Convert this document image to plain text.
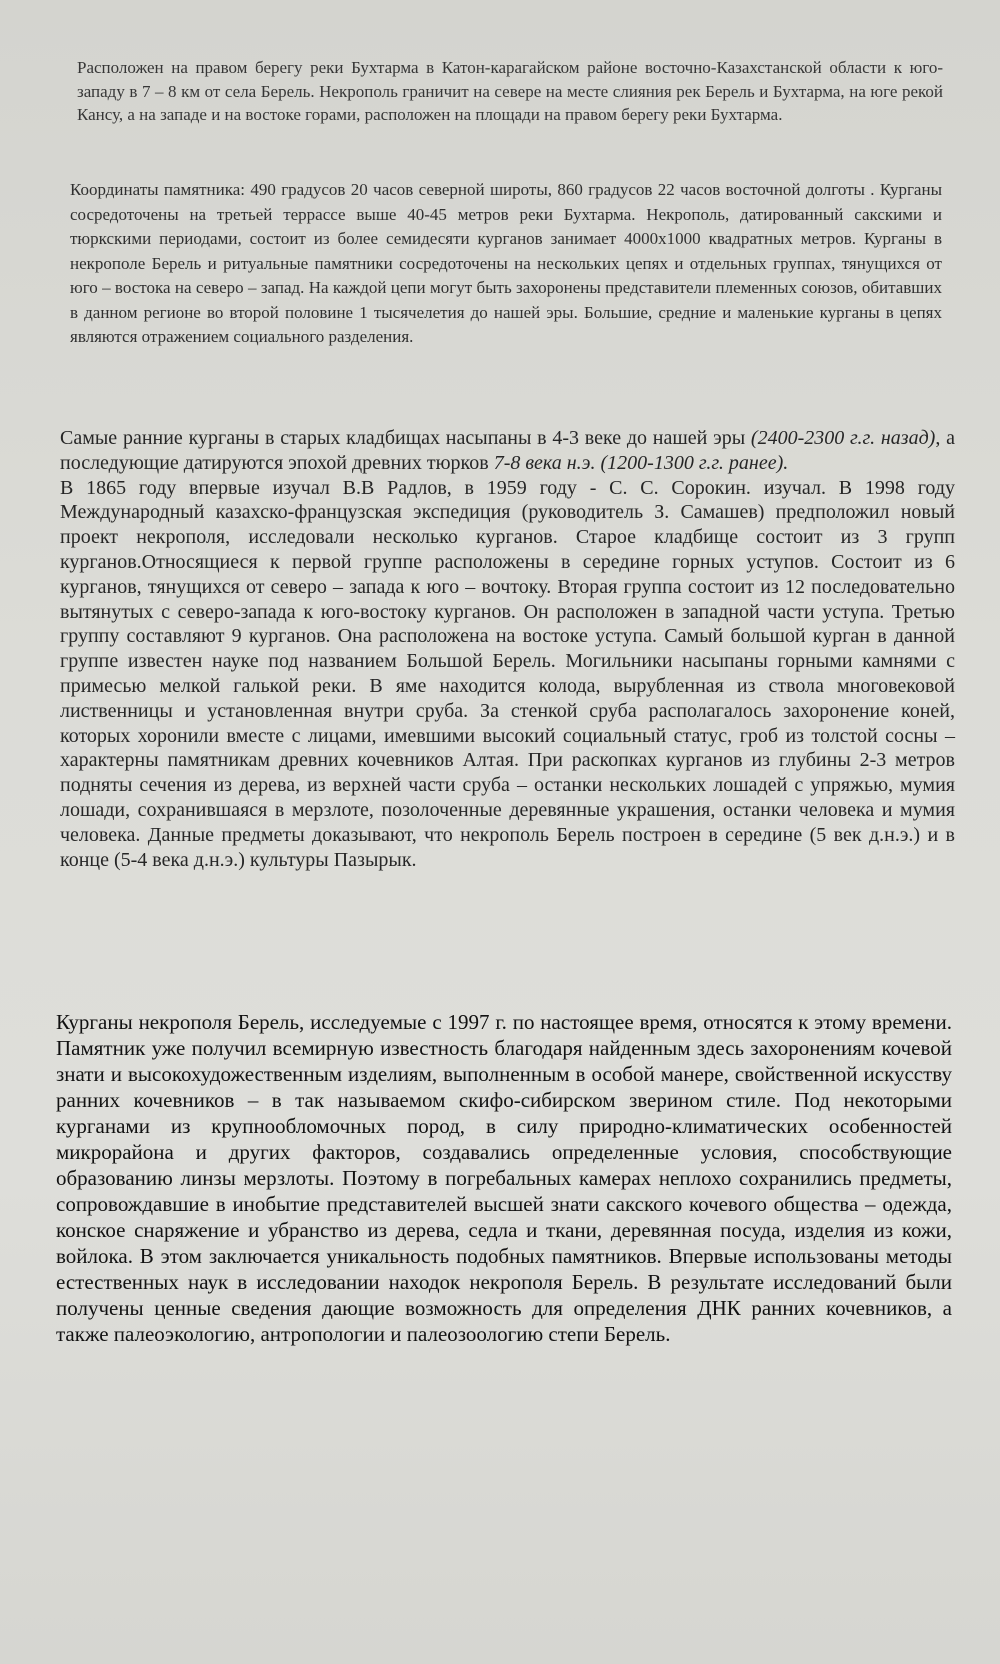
Расположен на правом берегу реки Бухтарма в Катон-карагайском районе восточно-Казахстанской области к юго-западу в 7 – 8 км от села Берель. Некрополь граничит на севере на месте слияния рек Берель и Бухтарма, на юге рекой Кансу, а на западе и на востоке горами, расположен на площади на правом берегу реки Бухтарма.

Координаты памятника: 490 градусов 20 часов северной широты, 860 градусов 22 часов восточной долготы . Курганы сосредоточены на третьей террассе выше 40-45 метров реки Бухтарма. Некрополь, датированный сакскими и тюркскими периодами, состоит из более семидесяти курганов занимает 4000х1000 квадратных метров. Курганы в некрополе Берель и ритуальные памятники сосредоточены на нескольких цепях и отдельных группах, тянущихся от юго – востока на северо – запад. На каждой цепи могут быть захоронены представители племенных союзов, обитавших в данном регионе во второй половине 1 тысячелетия до нашей эры. Большие, средние и маленькие курганы в цепях являются отражением социального разделения.

Самые ранние курганы в старых кладбищах насыпаны в 4-3 веке до нашей эры (2400-2300 г.г. назад), а последующие датируются эпохой древних тюрков 7-8 века н.э. (1200-1300 г.г. ранее).
В 1865 году впервые изучал В.В Радлов, в 1959 году - С. С. Сорокин. изучал. В 1998 году Международный казахско-французская экспедиция (руководитель З. Самашев) предположил новый проект некрополя, исследовали несколько курганов. Старое кладбище состоит из 3 групп курганов.Относящиеся к первой группе расположены в середине горных уступов. Состоит из 6 курганов, тянущихся от северо – запада к юго – вочтоку. Вторая группа состоит из 12 последовательно вытянутых с северо-запада к юго-востоку курганов. Он расположен в западной части уступа. Третью группу составляют 9 курганов. Она расположена на востоке уступа. Самый большой курган в данной группе известен науке под названием Большой Берель. Могильники насыпаны горными камнями с примесью мелкой галькой реки. В яме находится колода, вырубленная из ствола многовековой лиственницы и установленная внутри сруба. За стенкой сруба располагалось захоронение коней, которых хоронили вместе с лицами, имевшими высокий социальный статус, гроб из толстой сосны – характерны памятникам древних кочевников Алтая. При раскопках курганов из глубины 2-3 метров подняты сечения из дерева, из верхней части сруба – останки нескольких лошадей с упряжью, мумия лошади, сохранившаяся в мерзлоте, позолоченные деревянные украшения, останки человека и мумия человека. Данные предметы доказывают, что некрополь Берель построен в середине (5 век д.н.э.) и в конце (5-4 века д.н.э.) культуры Пазырык.

Курганы некрополя Берель, исследуемые с 1997 г. по настоящее время, относятся к этому времени. Памятник уже получил всемирную известность благодаря найденным здесь захоронениям кочевой знати и высокохудожественным изделиям, выполненным в особой манере, свойственной искусству ранних кочевников – в так называемом скифо-сибирском зверином стиле. Под некоторыми курганами из крупнообломочных пород, в силу природно-климатических особенностей микрорайона и других факторов, создавались определенные условия, способствующие образованию линзы мерзлоты. Поэтому в погребальных камерах неплохо сохранились предметы, сопровождавшие в инобытие представителей высшей знати сакского кочевого общества – одежда, конское снаряжение и убранство из дерева, седла и ткани, деревянная посуда, изделия из кожи, войлока. В этом заключается уникальность подобных памятников. Впервые использованы методы естественных наук в исследовании находок некрополя Берель. В результате исследований были получены ценные сведения дающие возможность для определения ДНК ранних кочевников, а также палеоэкологию, антропологии и палеозоологию степи Берель.
